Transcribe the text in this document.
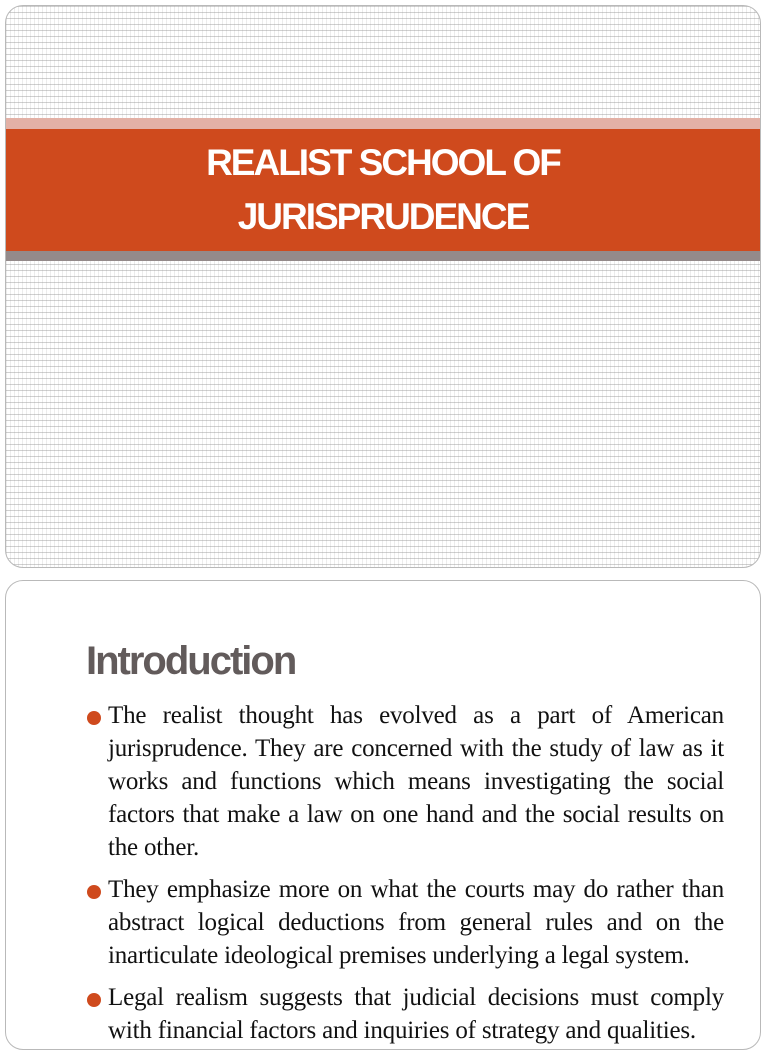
REALIST SCHOOL OF JURISPRUDENCE
Introduction
The realist thought has evolved as a part of American jurisprudence. They are concerned with the study of law as it works and functions which means investigating the social factors that make a law on one hand and the social results on the other.
They emphasize more on what the courts may do rather than abstract logical deductions from general rules and on the inarticulate ideological premises underlying a legal system.
Legal realism suggests that judicial decisions must comply with financial factors and inquiries of strategy and qualities.
